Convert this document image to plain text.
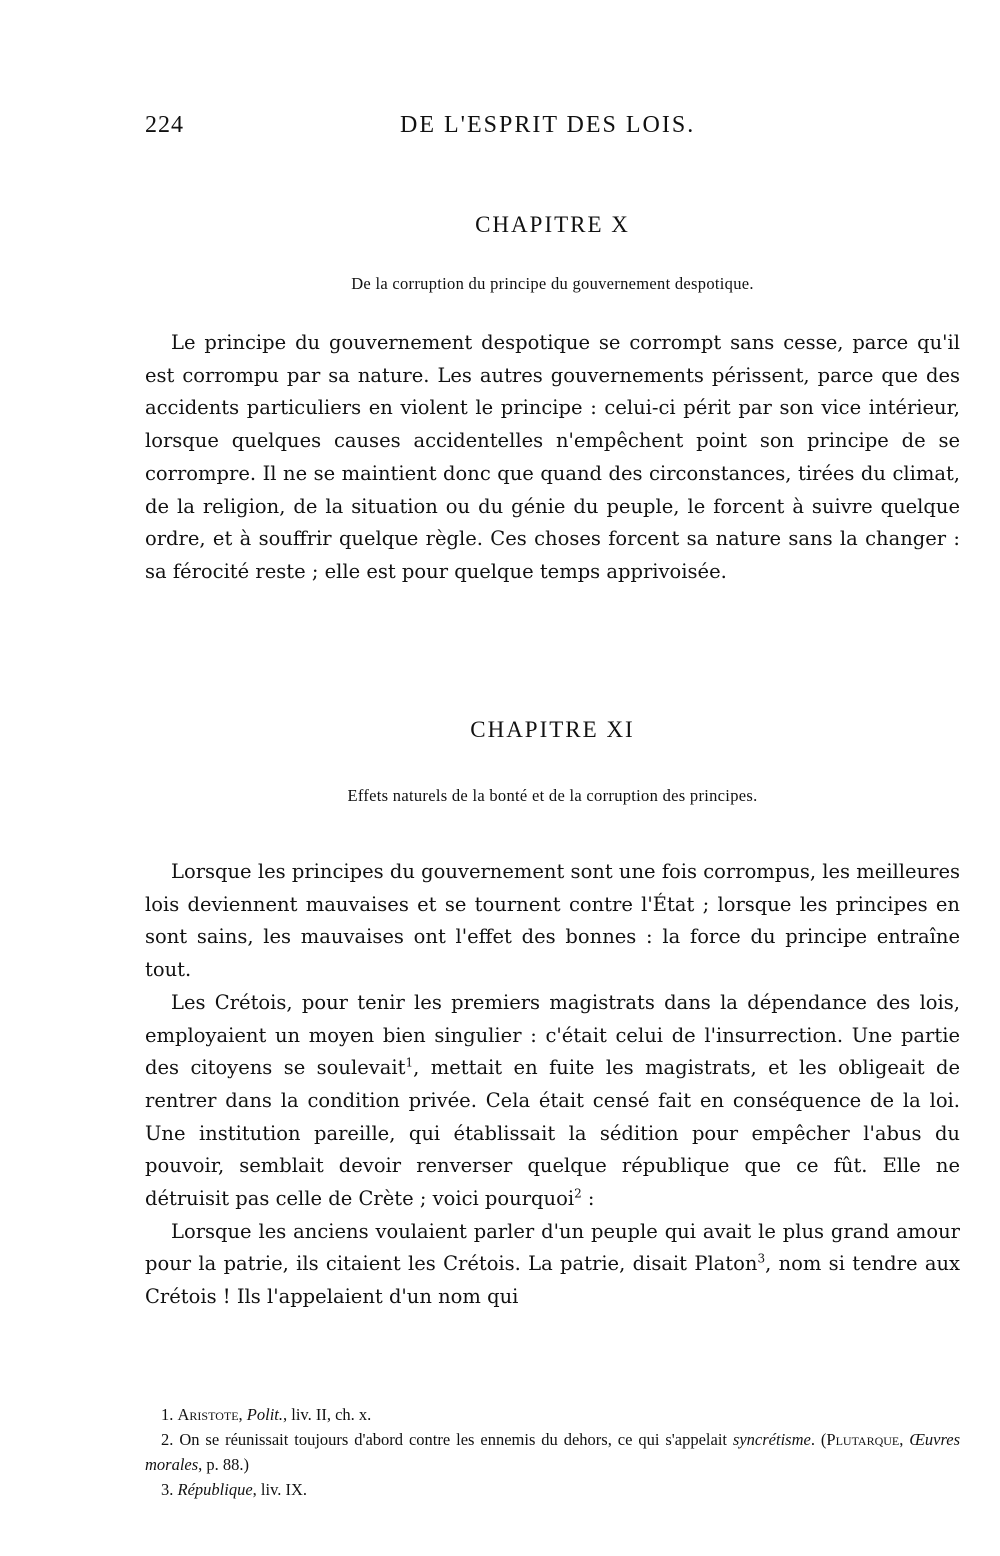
224	DE L'ESPRIT DES LOIS.
CHAPITRE X
De la corruption du principe du gouvernement despotique.

Le principe du gouvernement despotique se corrompt sans cesse, parce qu'il est corrompu par sa nature. Les autres gouvernements périssent, parce que des accidents particuliers en violent le principe : celui-ci périt par son vice intérieur, lorsque quelques causes accidentelles n'empêchent point son principe de se corrompre. Il ne se maintient donc que quand des circonstances, tirées du climat, de la religion, de la situation ou du génie du peuple, le forcent à suivre quelque ordre, et à souffrir quelque règle. Ces choses forcent sa nature sans la changer : sa férocité reste ; elle est pour quelque temps apprivoisée.

CHAPITRE XI
Effets naturels de la bonté et de la corruption des principes.

Lorsque les principes du gouvernement sont une fois corrompus, les meilleures lois deviennent mauvaises et se tournent contre l'État ; lorsque les principes en sont sains, les mauvaises ont l'effet des bonnes : la force du principe entraîne tout.

Les Crétois, pour tenir les premiers magistrats dans la dépendance des lois, employaient un moyen bien singulier : c'était celui de l'insurrection. Une partie des citoyens se soulevait$^1$, mettait en fuite les magistrats, et les obligeait de rentrer dans la condition privée. Cela était censé fait en conséquence de la loi. Une institution pareille, qui établissait la sédition pour empêcher l'abus du pouvoir, semblait devoir renverser quelque république que ce fût. Elle ne détruisit pas celle de Crète ; voici pourquoi$^2$ :

Lorsque les anciens voulaient parler d'un peuple qui avait le plus grand amour pour la patrie, ils citaient les Crétois. La patrie, disait Platon$^3$, nom si tendre aux Crétois ! Ils l'appelaient d'un nom qui

1. Aristote, Polit., liv. II, ch. x.

2. On se réunissait toujours d'abord contre les ennemis du dehors, ce qui s'appelait syncrétisme. (Plutarque, Œuvres morales, p. 88.)

3. République, liv. IX.
